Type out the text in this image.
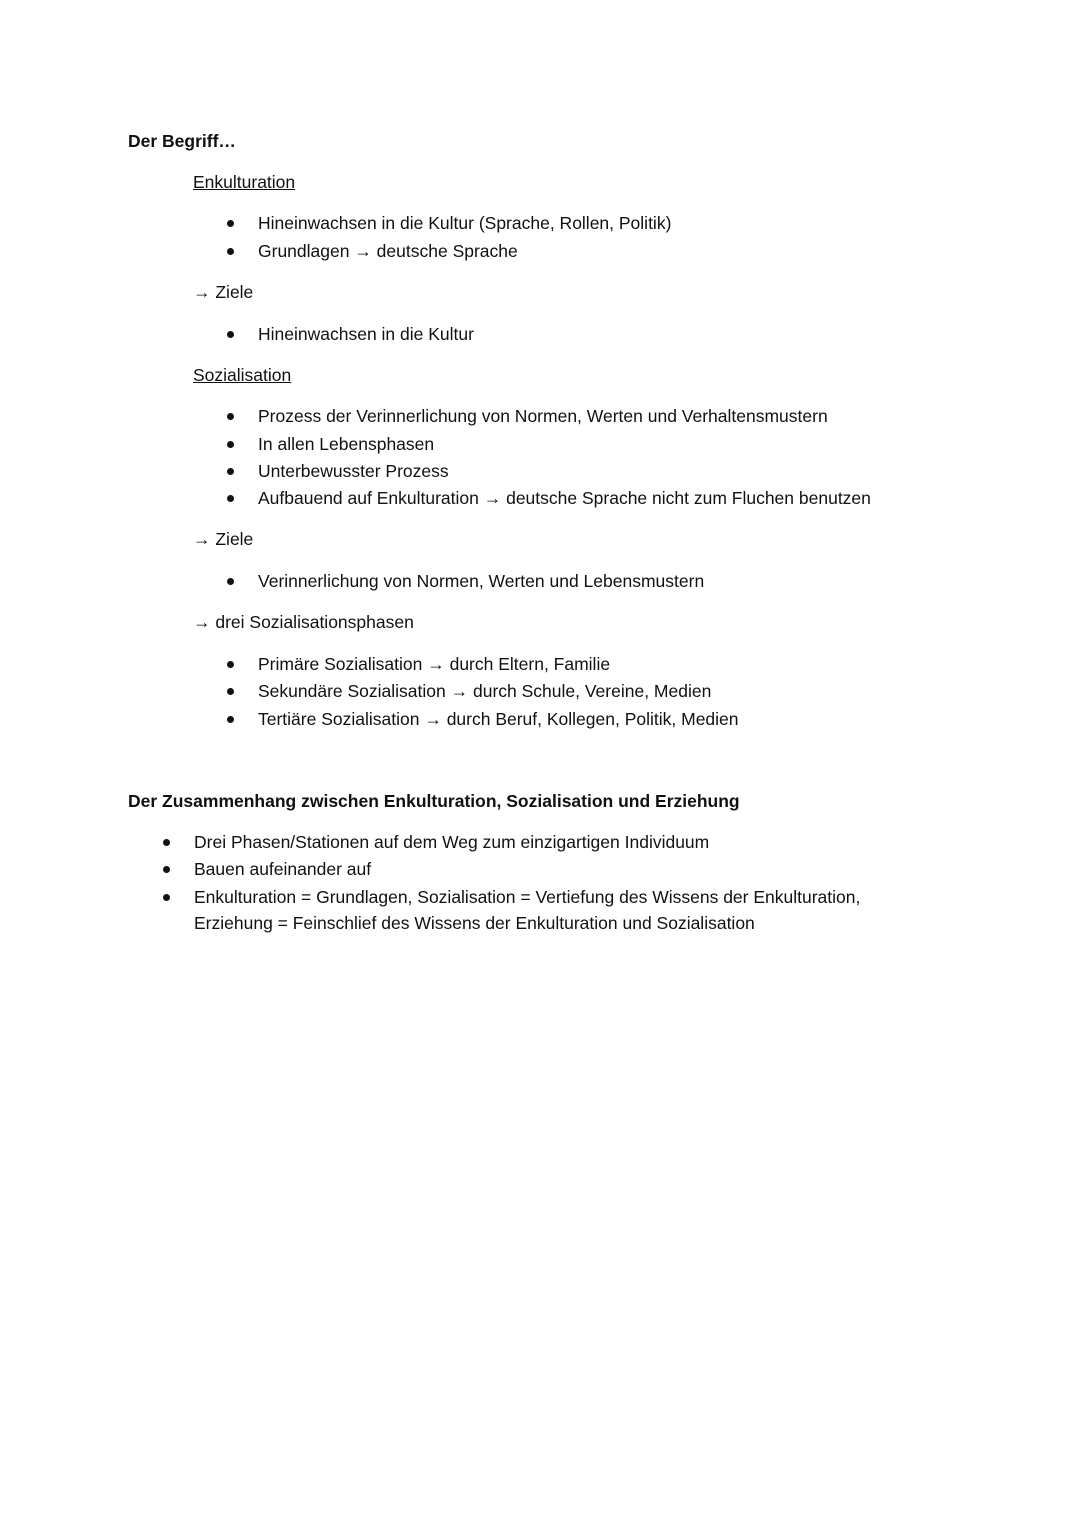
Der Begriff…
Enkulturation
Hineinwachsen in die Kultur (Sprache, Rollen, Politik)
Grundlagen → deutsche Sprache
→ Ziele
Hineinwachsen in die Kultur
Sozialisation
Prozess der Verinnerlichung von Normen, Werten und Verhaltensmustern
In allen Lebensphasen
Unterbewusster Prozess
Aufbauend auf Enkulturation → deutsche Sprache nicht zum Fluchen benutzen
→ Ziele
Verinnerlichung von Normen, Werten und Lebensmustern
→ drei Sozialisationsphasen
Primäre Sozialisation → durch Eltern, Familie
Sekundäre Sozialisation → durch Schule, Vereine, Medien
Tertiäre Sozialisation → durch Beruf, Kollegen, Politik, Medien
Der Zusammenhang zwischen Enkulturation, Sozialisation und Erziehung
Drei Phasen/Stationen auf dem Weg zum einzigartigen Individuum
Bauen aufeinander auf
Enkulturation = Grundlagen, Sozialisation = Vertiefung des Wissens der Enkulturation,
Erziehung = Feinschlief des Wissens der Enkulturation und Sozialisation
